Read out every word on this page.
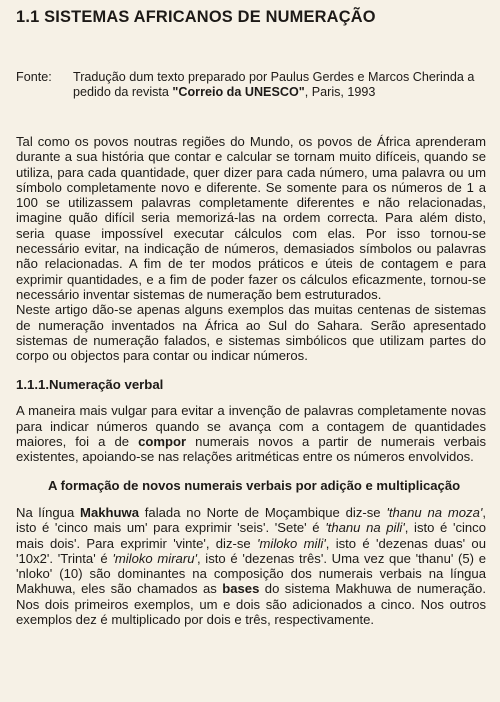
1.1 SISTEMAS AFRICANOS DE NUMERAÇÃO
Fonte:	Tradução dum texto preparado por Paulus Gerdes e Marcos Cherinda a pedido da revista "Correio da UNESCO", Paris, 1993

Tal como os povos noutras regiões do Mundo, os povos de África aprenderam durante a sua história que contar e calcular se tornam muito difíceis, quando se utiliza, para cada quantidade, quer dizer para cada número, uma palavra ou um símbolo completamente novo e diferente. Se somente para os números de 1 a 100 se utilizassem palavras completamente diferentes e não relacionadas, imagine quão difícil seria memorizá-las na ordem correcta. Para além disto, seria quase impossível executar cálculos com elas. Por isso tornou-se necessário evitar, na indicação de números, demasiados símbolos ou palavras não relacionadas. A fim de ter modos práticos e úteis de contagem e para exprimir quantidades, e a fim de poder fazer os cálculos eficazmente, tornou-se necessário inventar sistemas de numeração bem estruturados.

Neste artigo dão-se apenas alguns exemplos das muitas centenas de sistemas de numeração inventados na África ao Sul do Sahara. Serão apresentado sistemas de numeração falados, e sistemas simbólicos que utilizam partes do corpo ou objectos para contar ou indicar números.

1.1.1.Numeração verbal

A maneira mais vulgar para evitar a invenção de palavras completamente novas para indicar números quando se avança com a contagem de quantidades maiores, foi a de compor numerais novos a partir de numerais verbais existentes, apoiando-se nas relações aritméticas entre os números envolvidos.

A formação de novos numerais verbais por adição e multiplicação

Na língua Makhuwa falada no Norte de Moçambique diz-se 'thanu na moza', isto é 'cinco mais um' para exprimir 'seis'. 'Sete' é 'thanu na pili', isto é 'cinco mais dois'. Para exprimir 'vinte', diz-se 'miloko mili', isto é 'dezenas duas' ou '10x2'. 'Trinta' é 'miloko miraru', isto é 'dezenas três'. Uma vez que 'thanu' (5) e 'nloko' (10) são dominantes na composição dos numerais verbais na língua Makhuwa, eles são chamados as bases do sistema Makhuwa de numeração. Nos dois primeiros exemplos, um e dois são adicionados a cinco. Nos outros exemplos dez é multiplicado por dois e três, respectivamente.
